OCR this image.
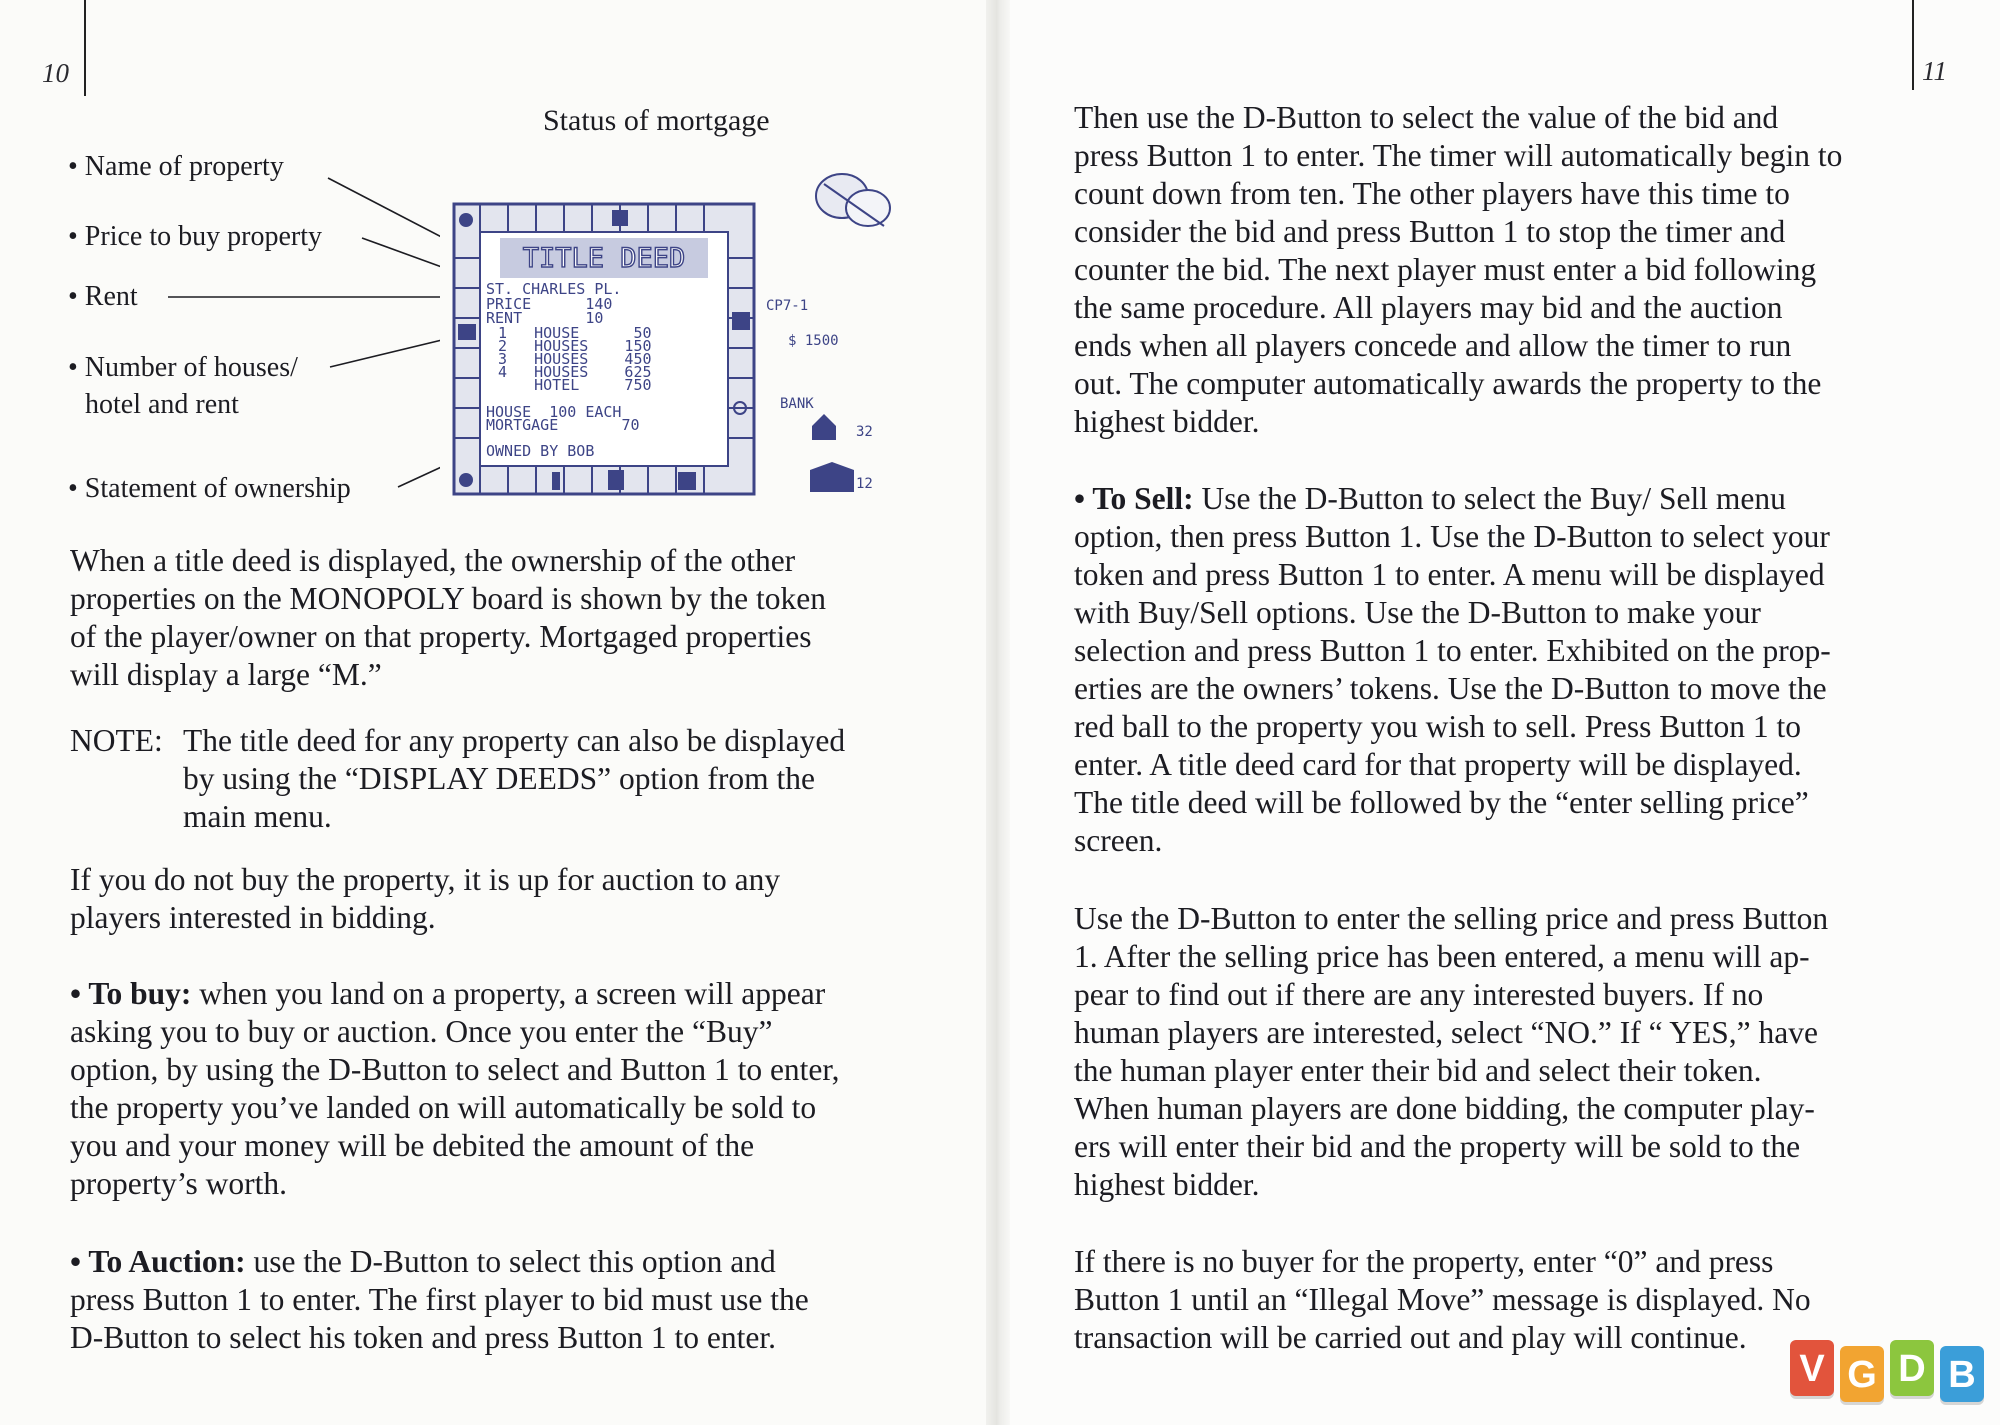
10
Status of mortgage
• Name of property
• Price to buy property
• Rent
• Number of houses/
hotel and rent
• Statement of ownership
TITLE DEED
ST. CHARLES PL.
PRICE      140
RENT       10
1   HOUSE      50
2   HOUSES    150
3   HOUSES    450
4   HOUSES    625
HOTEL     750
HOUSE  100 EACH
MORTGAGE       70
OWNED BY BOB
CP7-1
$ 1500
BANK
32
12
When a title deed is displayed, the ownership of the other
properties on the MONOPOLY board is shown by the token
of the player/owner on that property. Mortgaged properties
will display a large “M.”
NOTE: The title deed for any property can also be displayed
by using the “DISPLAY DEEDS” option from the
main menu.
If you do not buy the property, it is up for auction to any
players interested in bidding.
• To buy: when you land on a property, a screen will appear
asking you to buy or auction. Once you enter the “Buy”
option, by using the D-Button to select and Button 1 to enter,
the property you’ve landed on will automatically be sold to
you and your money will be debited the amount of the
property’s worth.
• To Auction: use the D-Button to select this option and
press Button 1 to enter. The first player to bid must use the
D-Button to select his token and press Button 1 to enter.
11
Then use the D-Button to select the value of the bid and
press Button 1 to enter. The timer will automatically begin to
count down from ten. The other players have this time to
consider the bid and press Button 1 to stop the timer and
counter the bid. The next player must enter a bid following
the same procedure. All players may bid and the auction
ends when all players concede and allow the timer to run
out. The computer automatically awards the property to the
highest bidder.
• To Sell: Use the D-Button to select the Buy/ Sell menu
option, then press Button 1. Use the D-Button to select your
token and press Button 1 to enter. A menu will be displayed
with Buy/Sell options. Use the D-Button to make your
selection and press Button 1 to enter. Exhibited on the prop-
erties are the owners’ tokens. Use the D-Button to move the
red ball to the property you wish to sell. Press Button 1 to
enter. A title deed card for that property will be displayed.
The title deed will be followed by the “enter selling price”
screen.
Use the D-Button to enter the selling price and press Button
1. After the selling price has been entered, a menu will ap-
pear to find out if there are any interested buyers. If no
human players are interested, select “NO.” If “ YES,” have
the human player enter their bid and select their token.
When human players are done bidding, the computer play-
ers will enter their bid and the property will be sold to the
highest bidder.
If there is no buyer for the property, enter “0” and press
Button 1 until an “Illegal Move” message is displayed. No
transaction will be carried out and play will continue.
V G D B
